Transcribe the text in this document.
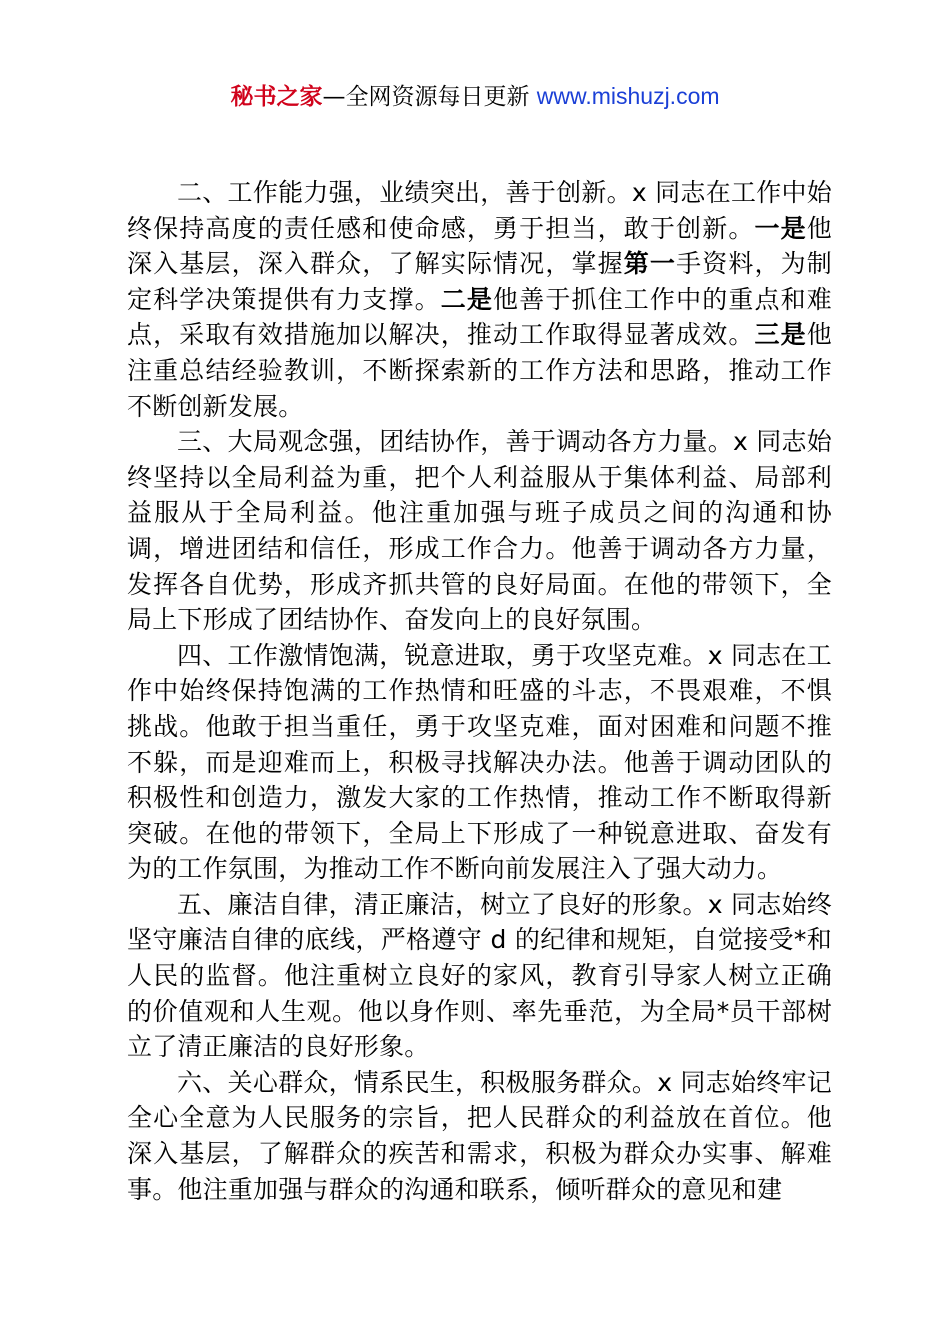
秘书之家—全网资源每日更新 www.mishuzj.com

二、工作能力强，业绩突出，善于创新。x 同志在工作中始终保持高度的责任感和使命感，勇于担当，敢于创新。一是他深入基层，深入群众，了解实际情况，掌握第一手资料，为制定科学决策提供有力支撑。二是他善于抓住工作中的重点和难点，采取有效措施加以解决，推动工作取得显著成效。三是他注重总结经验教训，不断探索新的工作方法和思路，推动工作不断创新发展。

三、大局观念强，团结协作，善于调动各方力量。x 同志始终坚持以全局利益为重，把个人利益服从于集体利益、局部利益服从于全局利益。他注重加强与班子成员之间的沟通和协调，增进团结和信任，形成工作合力。他善于调动各方力量，发挥各自优势，形成齐抓共管的良好局面。在他的带领下，全局上下形成了团结协作、奋发向上的良好氛围。

四、工作激情饱满，锐意进取，勇于攻坚克难。x 同志在工作中始终保持饱满的工作热情和旺盛的斗志，不畏艰难，不惧挑战。他敢于担当重任，勇于攻坚克难，面对困难和问题不推不躲，而是迎难而上，积极寻找解决办法。他善于调动团队的积极性和创造力，激发大家的工作热情，推动工作不断取得新突破。在他的带领下，全局上下形成了一种锐意进取、奋发有为的工作氛围，为推动工作不断向前发展注入了强大动力。

五、廉洁自律，清正廉洁，树立了良好的形象。x 同志始终坚守廉洁自律的底线，严格遵守 d 的纪律和规矩，自觉接受*和人民的监督。他注重树立良好的家风，教育引导家人树立正确的价值观和人生观。他以身作则、率先垂范，为全局*员干部树立了清正廉洁的良好形象。

六、关心群众，情系民生，积极服务群众。x 同志始终牢记全心全意为人民服务的宗旨，把人民群众的利益放在首位。他深入基层，了解群众的疾苦和需求，积极为群众办实事、解难事。他注重加强与群众的沟通和联系，倾听群众的意见和建
